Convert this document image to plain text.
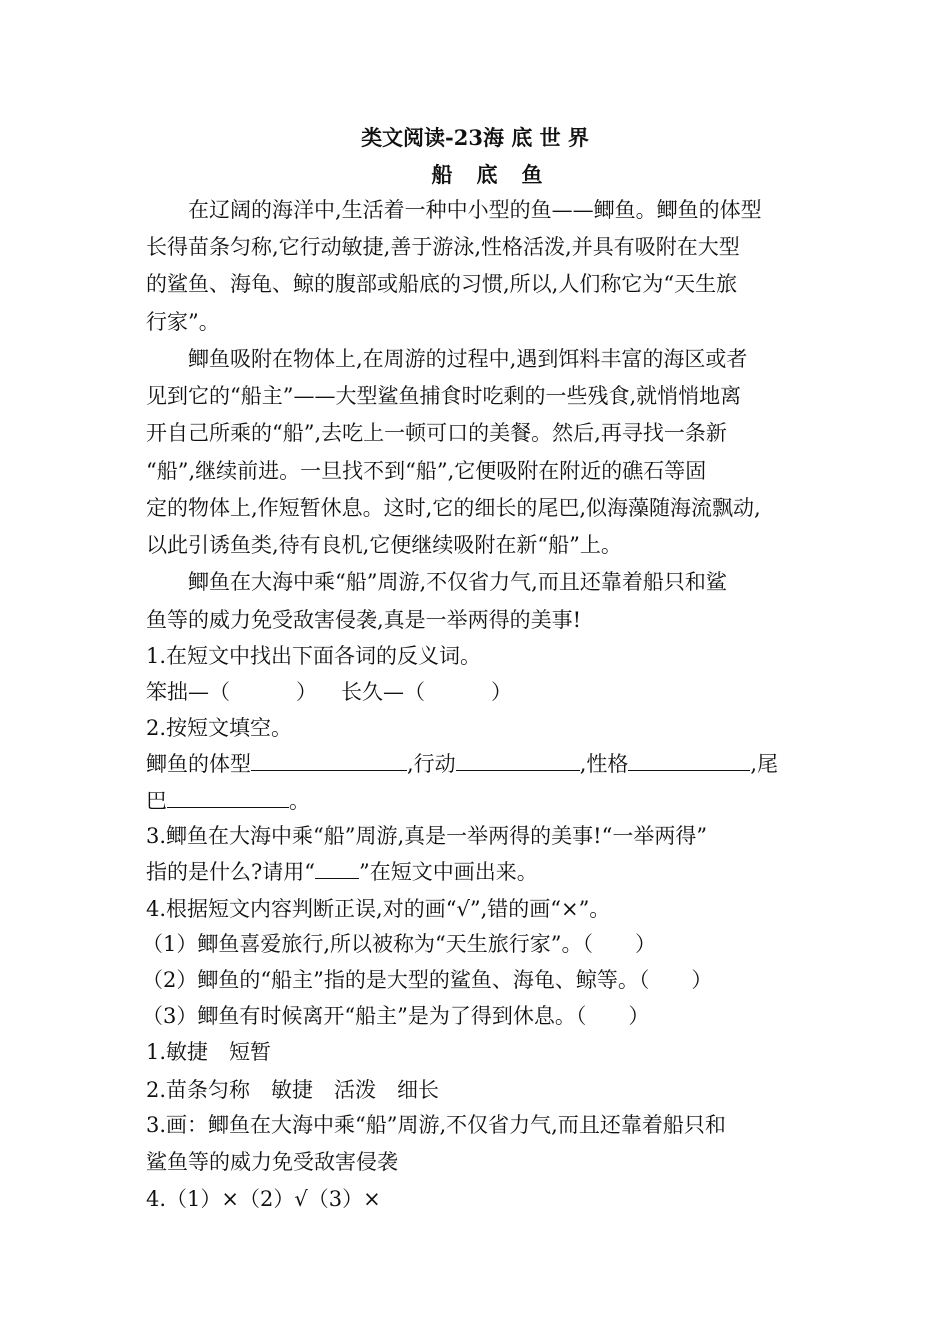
类文阅读-23海 底 世 界
船底鱼
在辽阔的海洋中,生活着一种中小型的鱼——鲫鱼。鲫鱼的体型
长得苗条匀称,它行动敏捷,善于游泳,性格活泼,并具有吸附在大型
的鲨鱼、海龟、鲸的腹部或船底的习惯,所以,人们称它为“天生旅
行家”。
鲫鱼吸附在物体上,在周游的过程中,遇到饵料丰富的海区或者
见到它的“船主”——大型鲨鱼捕食时吃剩的一些残食,就悄悄地离
开自己所乘的“船”,去吃上一顿可口的美餐。然后,再寻找一条新
“船”,继续前进。一旦找不到“船”,它便吸附在附近的礁石等固
定的物体上,作短暂休息。这时,它的细长的尾巴,似海藻随海流飘动,
以此引诱鱼类,待有良机,它便继续吸附在新“船”上。
鲫鱼在大海中乘“船”周游,不仅省力气,而且还靠着船只和鲨
鱼等的威力免受敌害侵袭,真是一举两得的美事!
1.在短文中找出下面各词的反义词。
笨拙—（	） 长久—（	）
2.按短文填空。
鲫鱼的体型	,行动	,性格	,尾
巴	。
3.鲫鱼在大海中乘“船”周游,真是一举两得的美事!“一举两得”
指的是什么?请用“ ”在短文中画出来。
4.根据短文内容判断正误,对的画“√”,错的画“×”。
（1）鲫鱼喜爱旅行,所以被称为“天生旅行家”。（　　）
（2）鲫鱼的“船主”指的是大型的鲨鱼、海龟、鲸等。（　　）
（3）鲫鱼有时候离开“船主”是为了得到休息。（　　）
1.敏捷　短暂
2.苗条匀称　敏捷　活泼　细长
3.画：鲫鱼在大海中乘“船”周游,不仅省力气,而且还靠着船只和
鲨鱼等的威力免受敌害侵袭
4.（1）×（2）√（3）×
